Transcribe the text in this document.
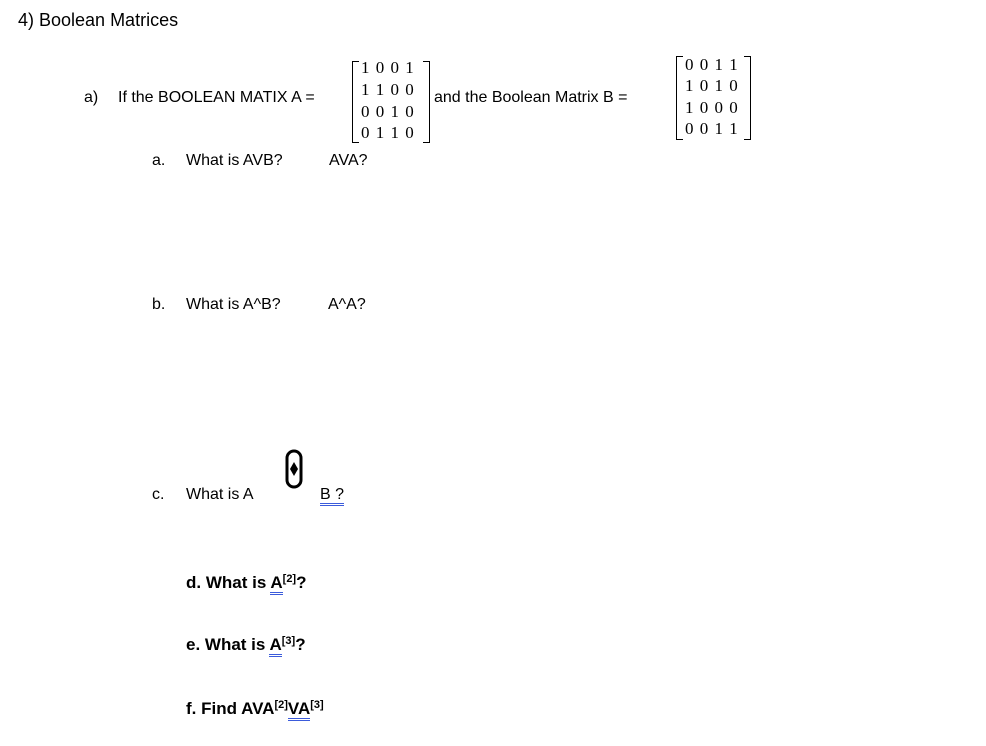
4) Boolean Matrices
a) If the BOOLEAN MATIX A =
1 0 0 1
1 1 0 0
0 0 1 0
0 1 1 0
and the Boolean Matrix B =
0 0 1 1
1 0 1 0
1 0 0 0
0 0 1 1
a. What is AVB?	AVA?
b. What is A^B?	A^A?
c. What is A	B ?
d. What is A[2]?
e. What is A[3]?
f. Find AVA[2]VA[3]
